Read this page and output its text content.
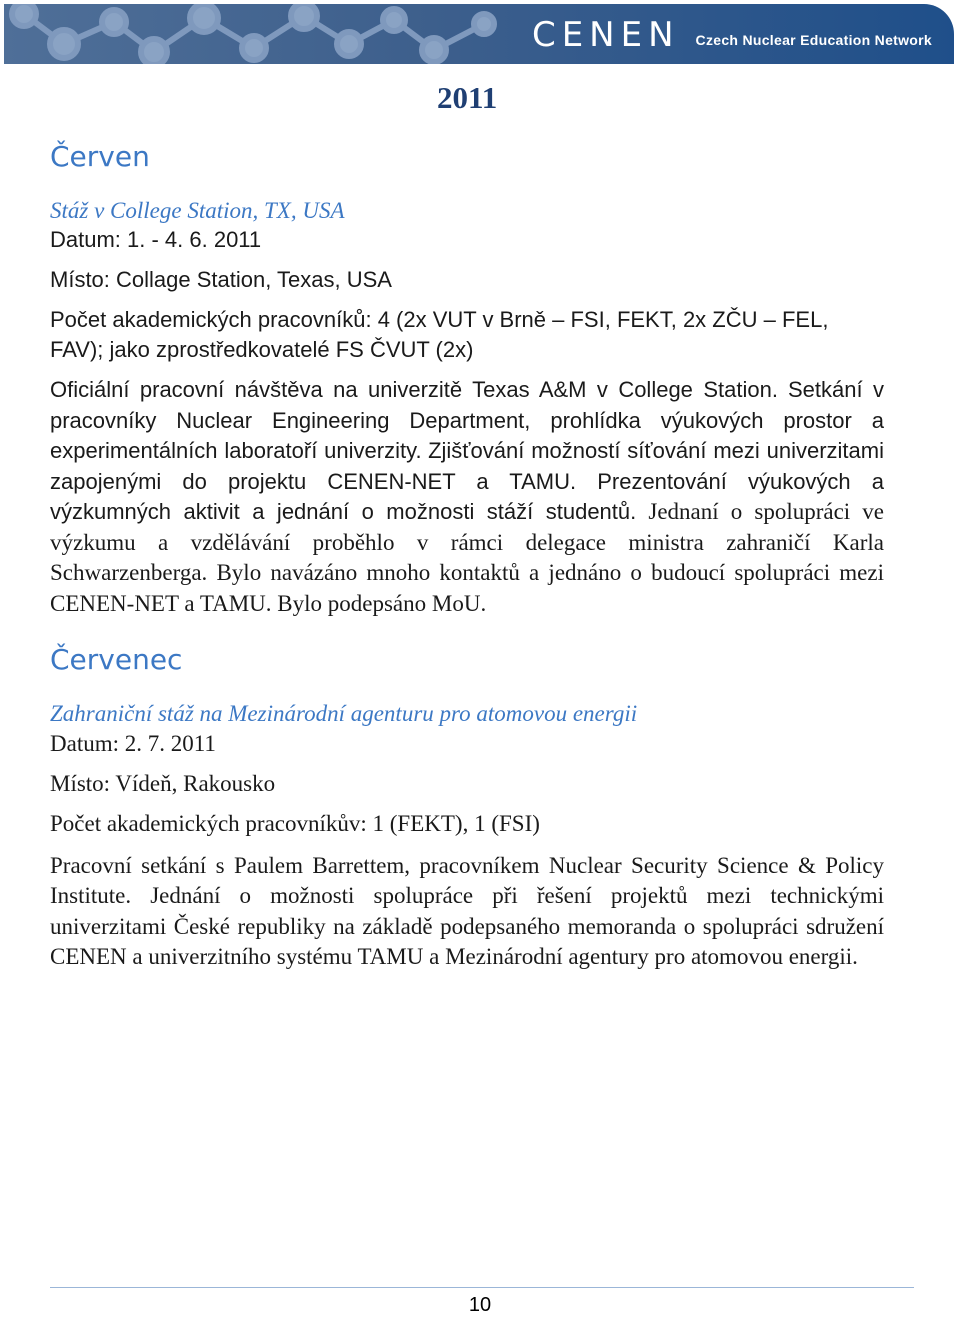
CENEN Czech Nuclear Education Network
2011
Červen
Stáž v College Station, TX, USA
Datum: 1. - 4. 6. 2011
Místo: Collage Station, Texas, USA
Počet akademických pracovníků: 4 (2x VUT v Brně – FSI, FEKT, 2x ZČU – FEL, FAV); jako zprostředkovatelé FS ČVUT (2x)

Oficiální pracovní návštěva na univerzitě Texas A&M v College Station. Setkání v pracovníky Nuclear Engineering Department, prohlídka výukových prostor a experimentálních laboratoří univerzity. Zjišťování možností síťování mezi univerzitami zapojenými do projektu CENEN-NET a TAMU. Prezentování výukových a výzkumných aktivit a jednání o možnosti stáží studentů. Jednaní o spolupráci ve výzkumu a vzdělávání proběhlo v rámci delegace ministra zahraničí Karla Schwarzenberga. Bylo navázáno mnoho kontaktů a jednáno o budoucí spolupráci mezi CENEN-NET a TAMU. Bylo podepsáno MoU.

Červenec
Zahraniční stáž na Mezinárodní agenturu pro atomovou energii
Datum: 2. 7. 2011
Místo: Vídeň, Rakousko
Počet akademických pracovníkův: 1 (FEKT), 1 (FSI)

Pracovní setkání s Paulem Barrettem, pracovníkem Nuclear Security Science & Policy Institute. Jednání o možnosti spolupráce při řešení projektů mezi technickými univerzitami České republiky na základě podepsaného memoranda o spolupráci sdružení CENEN a univerzitního systému TAMU a Mezinárodní agentury pro atomovou energii.

10
